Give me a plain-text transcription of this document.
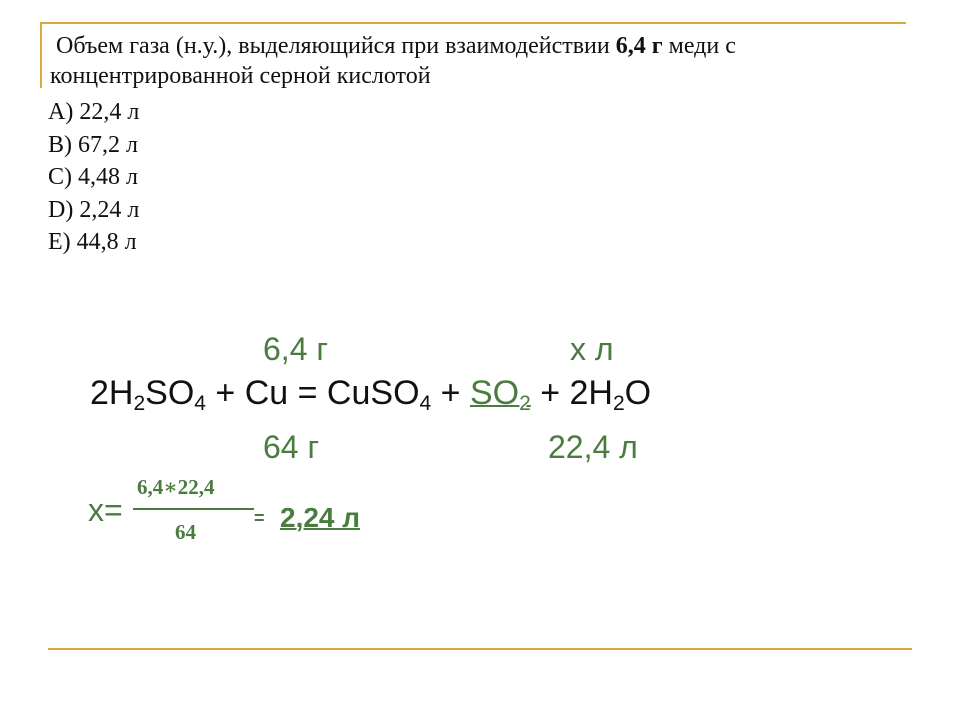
Объем газа (н.у.), выделяющийся при взаимодействии 6,4 г меди с
концентрированной серной кислотой
A) 22,4 л
B) 67,2 л
C) 4,48 л
D) 2,24 л
E) 44,8 л
6,4 г	х л
$2H_2SO_4 + Cu$ = CuSO$_4$ + $SO_2 + 2H_2O$
64 г	22,4 л
х=
6,4∗22,4
64
= 2,24 л
